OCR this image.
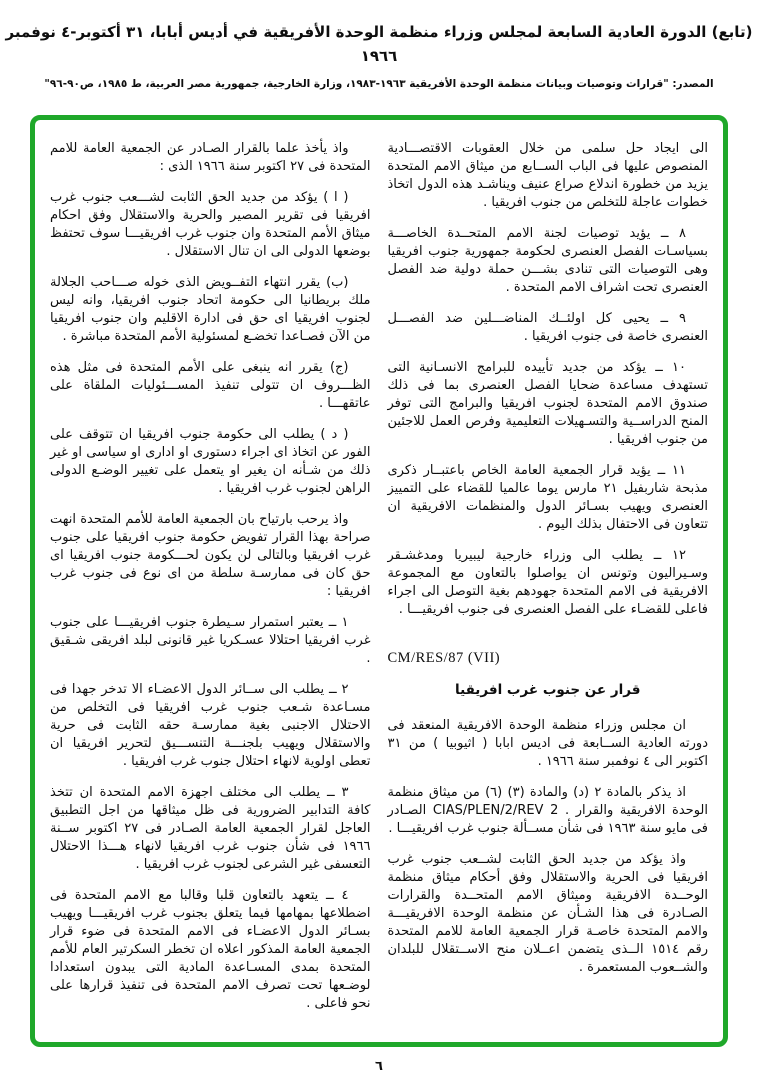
(تابع) الدورة العادية السابعة لمجلس وزراء منظمة الوحدة الأفريقية في أديس أبابا، ٣١ أكتوبر-٤ نوفمبر ١٩٦٦
المصدر: "قرارات وتوصيات وبيانات منظمة الوحدة الأفريقية ١٩٦٣-١٩٨٣، وزارة الخارجية، جمهورية مصر العربية، ط ١٩٨٥، ص٩٠-٩٦"

الى ايجاد حل سلمى من خلال العقوبات الاقتصـــادية المنصوص عليها فى الباب الســابع من ميثاق الامم المتحدة يزيد من خطورة اندلاع صراع عنيف ويناشـد هذه الدول اتخاذ خطوات عاجلة للتخلص من جنوب افريقيا .

٨ ــ يؤيد توصيات لجنة الامم المتحــدة الخاصـــة بسياسـات الفصل العنصرى لحكومة جمهورية جنوب افريقيا وهى التوصيات التى تنادى بشـــن حملة دولية ضد الفصل العنصرى تحت اشراف الامم المتحدة .

٩ ــ يحيى كل اولئــك المناضـــلين ضد الفصـــل العنصرى خاصة فى جنوب افريقيا .

١٠ ــ يؤكد من جديد تأييده للبرامج الانسـانية التى تستهدف مساعدة ضحايا الفصل العنصرى بما فى ذلك صندوق الامم المتحدة لجنوب افريقيا والبرامج التى توفر المنح الدراســية والتسـهيلات التعليمية وفرص العمل للاجئين من جنوب افريقيا .

١١ ــ يؤيد قرار الجمعية العامة الخاص باعتبــار ذكرى مذبحة شاربفيل ٢١ مارس يوما عالميا للقضاء على التمييز العنصرى ويهيب بسـائر الدول والمنظمات الافريقية ان تتعاون فى الاحتفال بذلك اليوم .

١٢ ــ يطلب الى وزراء خارجية ليبيريا ومدغشـقر وسـيراليون وتونس ان يواصلوا بالتعاون مع المجموعة الافريقية فى الامم المتحدة جهودهم بغية التوصل الى اجراء فاعلى للقضـاء على الفصل العنصرى فى جنوب افريقيـــا .

CM/RES/87 (VII)

قرار عن جنوب غرب افريقيا

ان مجلس وزراء منظمة الوحدة الافريقية المنعقد فى دورته العادية الســابعة فى اديس ابابا ( اثيوبيا ) من ٣١ اكتوبر الى ٤ نوفمبر سنة ١٩٦٦ .

اذ يذكر بالمادة ٢ (د) والمادة (٣) (٦) من ميثاق منظمة الوحدة الافريقية والقرار . CIAS/PLEN/2/REV 2 الصـادر فى مايو سنة ١٩٦٣ فى شأن مســألة جنوب غرب افريقيـــا .

واذ يؤكد من جديد الحق الثابت لشــعب جنوب غرب افريقيا فى الحرية والاستقلال وفق أحكام ميثاق منظمة الوحــدة الافريقية وميثاق الامم المتحــدة والقرارات الصـادرة فى هذا الشـأن عن منظمة الوحدة الافريقيـــة والامم المتحدة خاصـة قرار الجمعية العامة للامم المتحدة رقم ١٥١٤ الــذى يتضمن اعــلان منح الاســتقلال للبلدان والشــعوب المستعمرة .

واذ يأخذ علما بالقرار الصـادر عن الجمعية العامة للامم المتحدة فى ٢٧ اكتوبر سنة ١٩٦٦ الذى :

( ا ) يؤكد من جديد الحق الثابت لشـــعب جنوب غرب افريقيا فى تقرير المصير والحرية والاستقلال وفق احكام ميثاق الأمم المتحدة وان جنوب غرب افريقيـــا سوف تحتفظ بوضعها الدولى الى ان تنال الاستقلال .

(ب) يقرر انتهاء التفــويض الذى خوله صـــاحب الجلالة ملك بريطانيا الى حكومة اتحاد جنوب افريقيا، وانه ليس لجنوب افريقيا اى حق فى ادارة الاقليم وان جنوب افريقيا من الآن فصـاعدا تخضـع لمسئولية الأمم المتحدة مباشرة .

(ج) يقرر انه ينبغى على الأمم المتحدة فى مثل هذه الظـــروف ان تتولى تنفيذ المســـئوليات الملقاة على عاتقهـــا .

( د ) يطلب الى حكومة جنوب افريقيا ان تتوقف على الفور عن اتخاذ اى اجراء دستورى او ادارى او سياسى او غير ذلك من شـأنه ان يغير او يتعمل على تغيير الوضـع الدولى الراهن لجنوب غرب افريقيا .

واذ يرحب بارتياح بان الجمعية العامة للأمم المتحدة انهت صراحة بهذا القرار تفويض حكومة جنوب افريقيا على جنوب غرب افريقيا وبالتالى لن يكون لحـــكومة جنوب افريقيا اى حق كان فى ممارسـة سلطة من اى نوع فى جنوب غرب افريقيا :

١ ــ يعتبر استمرار سـيطرة جنوب افريقيـــا على جنوب غرب افريقيا احتلالا عسـكريا غير قانونى لبلد افريقى شـقيق .

٢ ــ يطلب الى ســائر الدول الاعضـاء الا تدخر جهدا فى مسـاعدة شـعب جنوب غرب افريقيا فى التخلص من الاحتلال الاجنبى بغية ممارسـة حقه الثابت فى حرية والاستقلال ويهيب بلجنـــة التنســـيق لتحرير افريقيا ان تعطى اولوية لانهاء احتلال جنوب غرب افريقيا .

٣ ــ يطلب الى مختلف اجهزة الامم المتحدة ان تتخذ كافة التدابير الضرورية فى ظل ميثاقها من اجل التطبيق العاجل لقرار الجمعية العامة الصـادر فى ٢٧ اكتوبر ســنة ١٩٦٦ فى شأن جنوب غرب افريقيا لانهاء هـــذا الاحتلال التعسفى غير الشرعى لجنوب غرب افريقيا .

٤ ــ يتعهد بالتعاون قلبا وقالبا مع الامم المتحدة فى اضطلاعها بمهامها فيما يتعلق بجنوب غرب افريقيـــا ويهيب بسـائر الدول الاعضـاء فى الامم المتحدة فى ضوء قرار الجمعية العامة المذكور اعلاه ان تخطر السكرتير العام للأمم المتحدة بمدى المسـاعدة المادية التى يبدون استعدادا لوضـعها تحت تصرف الامم المتحدة فى تنفيذ قرارها على نحو فاعلى .

٦
